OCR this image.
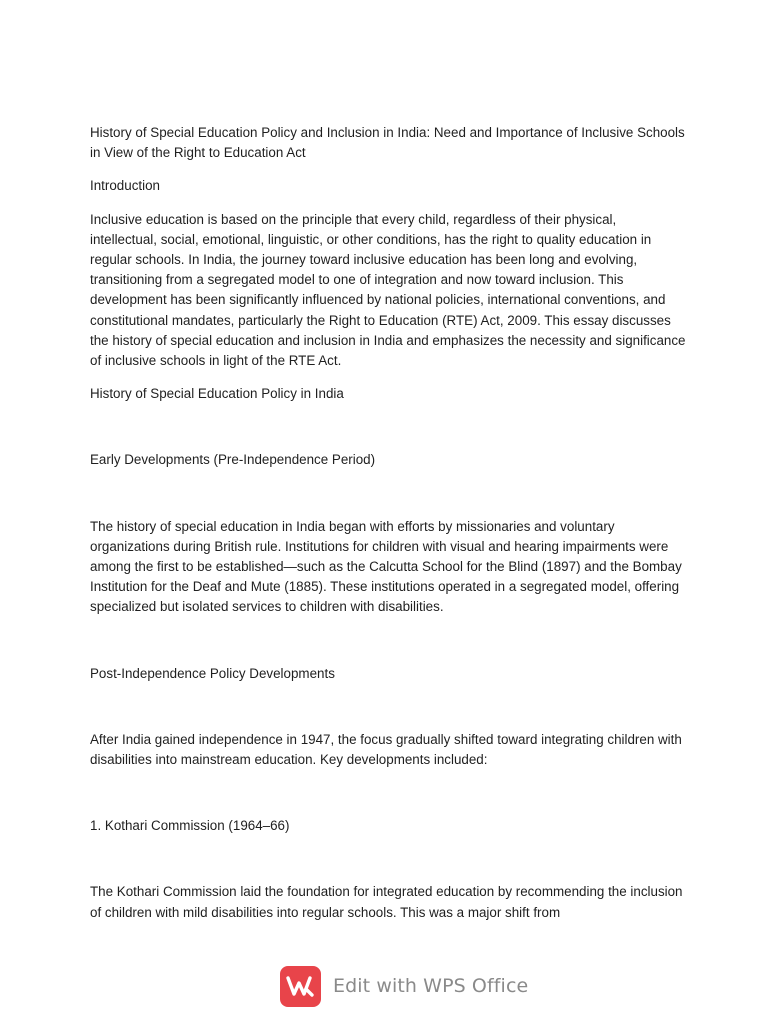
History of Special Education Policy and Inclusion in India: Need and Importance of Inclusive Schools in View of the Right to Education Act

Introduction

Inclusive education is based on the principle that every child, regardless of their physical, intellectual, social, emotional, linguistic, or other conditions, has the right to quality education in regular schools. In India, the journey toward inclusive education has been long and evolving, transitioning from a segregated model to one of integration and now toward inclusion. This development has been significantly influenced by national policies, international conventions, and constitutional mandates, particularly the Right to Education (RTE) Act, 2009. This essay discusses the history of special education and inclusion in India and emphasizes the necessity and significance of inclusive schools in light of the RTE Act.

History of Special Education Policy in India

Early Developments (Pre-Independence Period)

The history of special education in India began with efforts by missionaries and voluntary organizations during British rule. Institutions for children with visual and hearing impairments were among the first to be established—such as the Calcutta School for the Blind (1897) and the Bombay Institution for the Deaf and Mute (1885). These institutions operated in a segregated model, offering specialized but isolated services to children with disabilities.

Post-Independence Policy Developments

After India gained independence in 1947, the focus gradually shifted toward integrating children with disabilities into mainstream education. Key developments included:

1. Kothari Commission (1964–66)

The Kothari Commission laid the foundation for integrated education by recommending the inclusion of children with mild disabilities into regular schools. This was a major shift from

Edit with WPS Office
